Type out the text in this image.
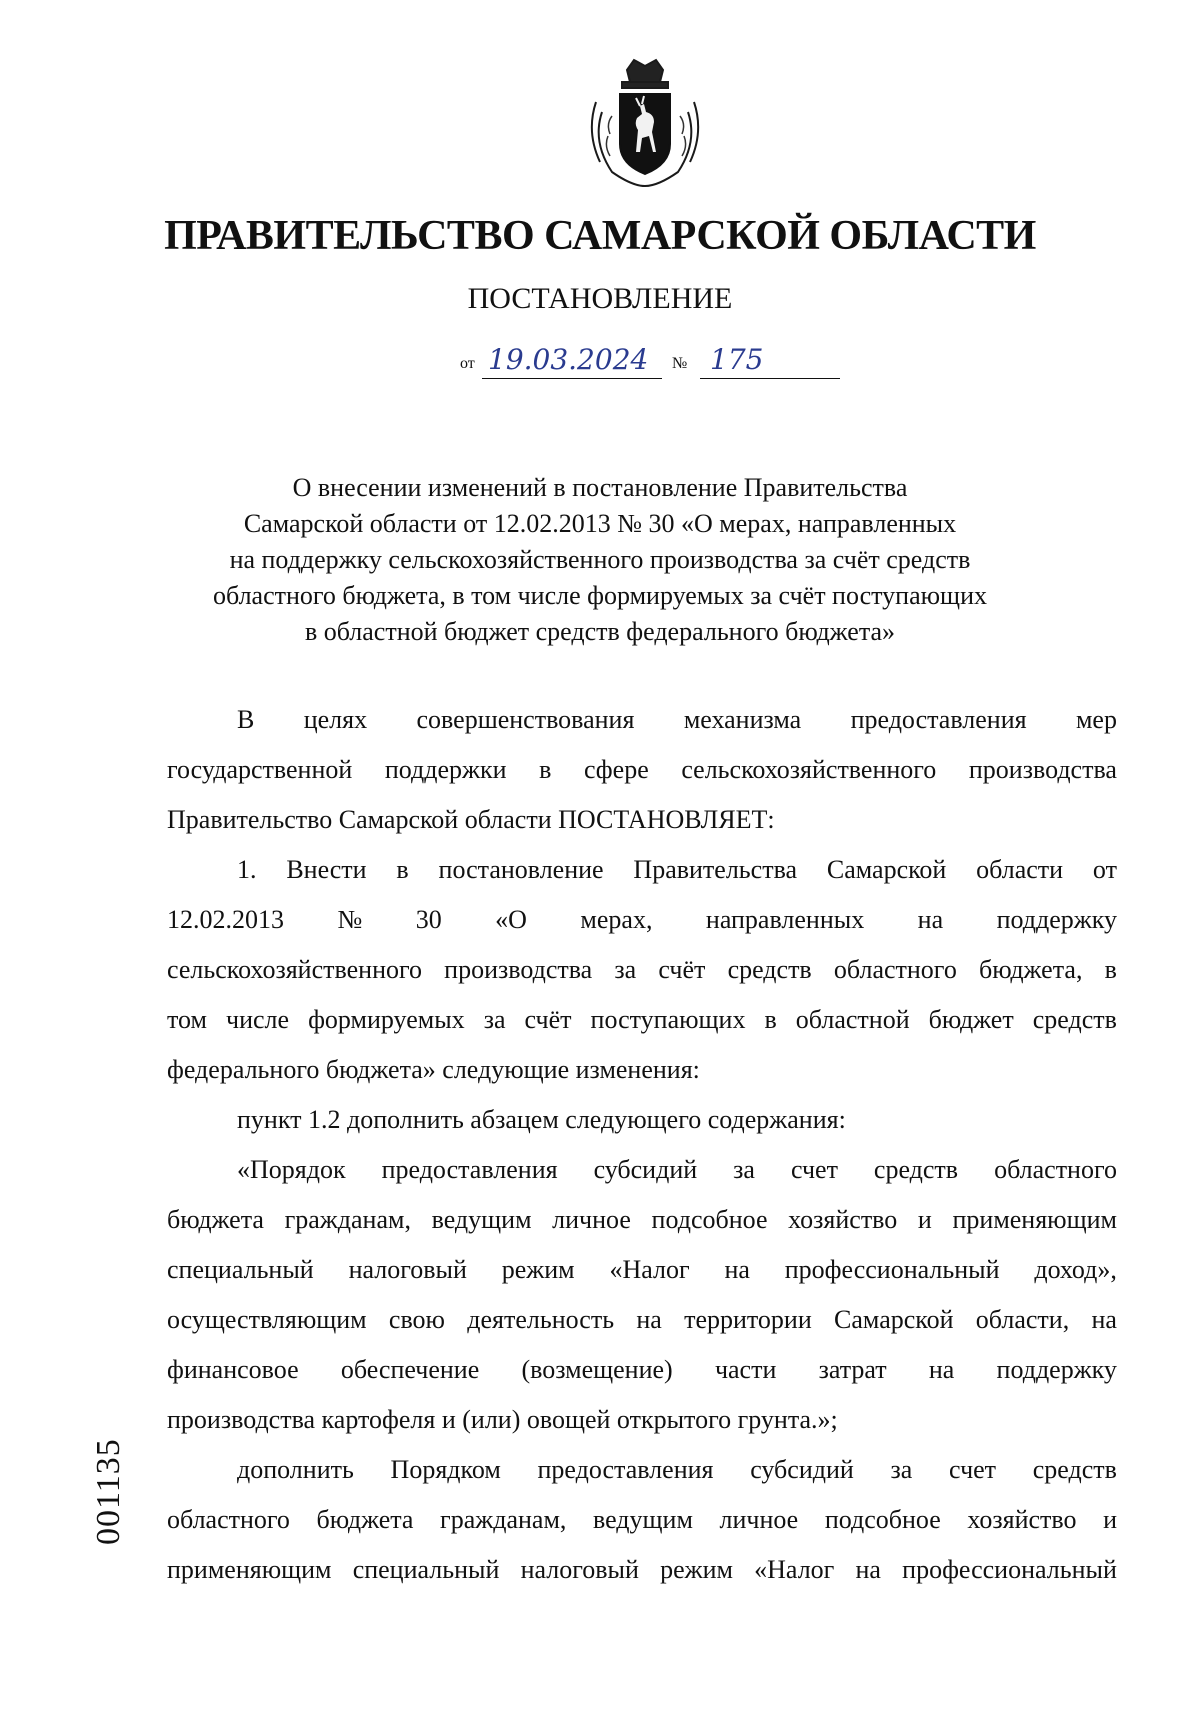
ПРАВИТЕЛЬСТВО САМАРСКОЙ ОБЛАСТИ
ПОСТАНОВЛЕНИЕ
от 19.03.2024 № 175
О внесении изменений в постановление Правительства
Самарской области от 12.02.2013 № 30 «О мерах, направленных
на поддержку сельскохозяйственного производства за счёт средств
областного бюджета, в том числе формируемых за счёт поступающих
в областной бюджет средств федерального бюджета»
В целях совершенствования механизма предоставления мер
государственной поддержки в сфере сельскохозяйственного производства
Правительство Самарской области ПОСТАНОВЛЯЕТ:
1. Внести в постановление Правительства Самарской области от
12.02.2013 № 30 «О мерах, направленных на поддержку
сельскохозяйственного производства за счёт средств областного бюджета, в
том числе формируемых за счёт поступающих в областной бюджет средств
федерального бюджета» следующие изменения:
пункт 1.2 дополнить абзацем следующего содержания:
«Порядок предоставления субсидий за счет средств областного
бюджета гражданам, ведущим личное подсобное хозяйство и применяющим
специальный налоговый режим «Налог на профессиональный доход»,
осуществляющим свою деятельность на территории Самарской области, на
финансовое обеспечение (возмещение) части затрат на поддержку
производства картофеля и (или) овощей открытого грунта.»;
дополнить Порядком предоставления субсидий за счет средств
областного бюджета гражданам, ведущим личное подсобное хозяйство и
применяющим специальный налоговый режим «Налог на профессиональный
001135
